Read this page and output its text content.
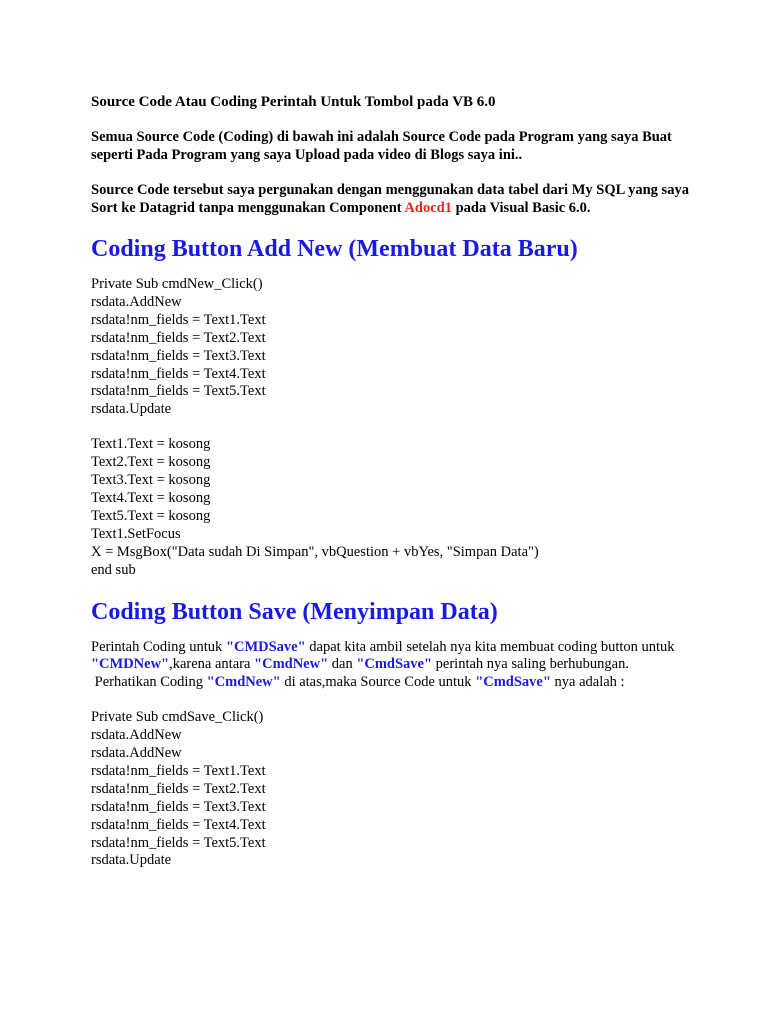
Source Code Atau Coding Perintah Untuk Tombol pada VB 6.0
Semua Source Code (Coding) di bawah ini adalah Source Code pada Program yang saya Buat seperti Pada Program yang saya Upload pada video di Blogs saya ini..
Source Code tersebut saya pergunakan dengan menggunakan data tabel dari My SQL yang saya Sort ke Datagrid tanpa menggunakan Component Adocd1 pada Visual Basic 6.0.
Coding Button Add New (Membuat Data Baru)
Private Sub cmdNew_Click()
rsdata.AddNew
rsdata!nm_fields = Text1.Text
rsdata!nm_fields = Text2.Text
rsdata!nm_fields = Text3.Text
rsdata!nm_fields = Text4.Text
rsdata!nm_fields = Text5.Text
rsdata.Update
Text1.Text = kosong
Text2.Text = kosong
Text3.Text = kosong
Text4.Text = kosong
Text5.Text = kosong
Text1.SetFocus
X = MsgBox("Data sudah Di Simpan", vbQuestion + vbYes, "Simpan Data")
end sub
Coding Button Save (Menyimpan Data)
Perintah Coding untuk "CMDSave" dapat kita ambil setelah nya kita membuat coding button untuk "CMDNew",karena antara "CmdNew" dan "CmdSave" perintah nya saling berhubungan.
Perhatikan Coding "CmdNew" di atas,maka Source Code untuk "CmdSave" nya adalah :
Private Sub cmdSave_Click()
rsdata.AddNew
rsdata.AddNew
rsdata!nm_fields = Text1.Text
rsdata!nm_fields = Text2.Text
rsdata!nm_fields = Text3.Text
rsdata!nm_fields = Text4.Text
rsdata!nm_fields = Text5.Text
rsdata.Update
